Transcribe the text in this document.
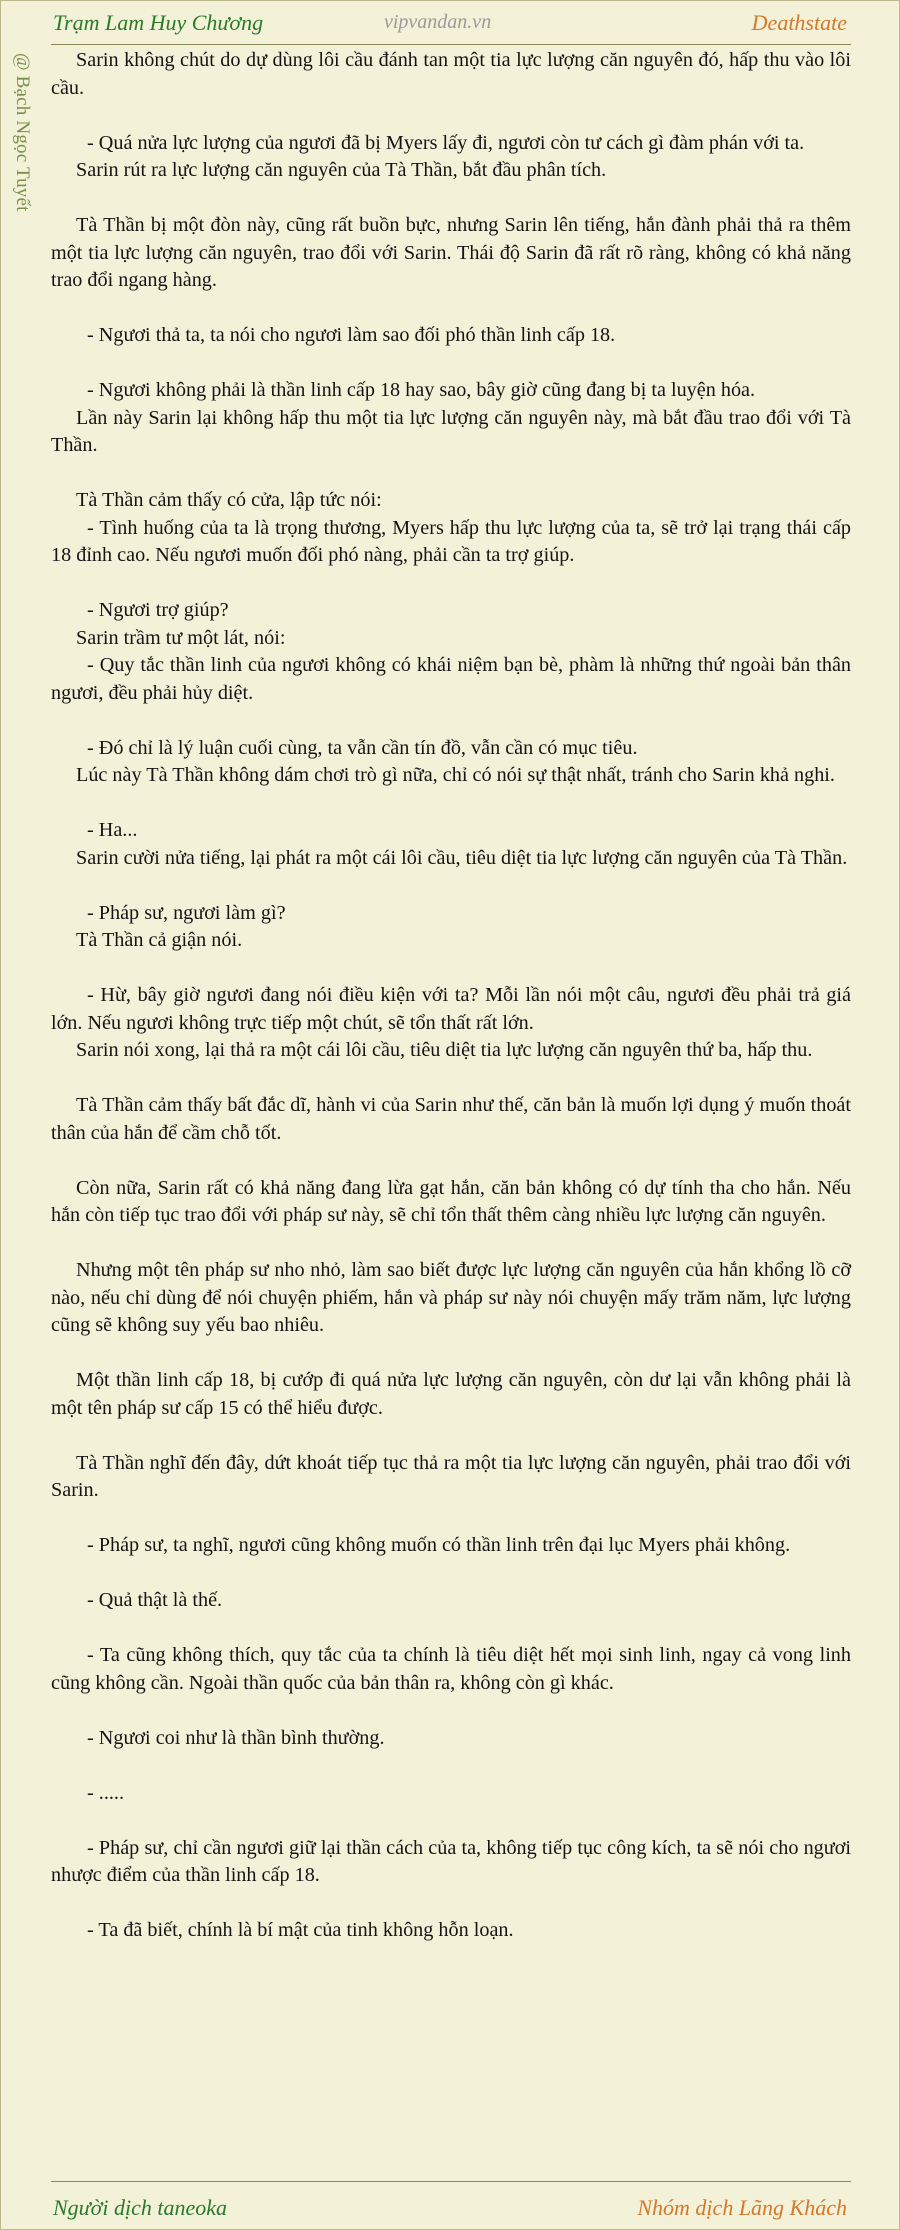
Trạm Lam Huy Chương	vipvandan.vn	Deathstate
@ Bạch Ngọc Tuyết	Sarin không chút do dự dùng lôi cầu đánh tan một tia lực lượng căn nguyên đó, hấp thu vào lôi cầu.

- Quá nửa lực lượng của ngươi đã bị Myers lấy đi, ngươi còn tư cách gì đàm phán với ta.

Sarin rút ra lực lượng căn nguyên của Tà Thần, bắt đầu phân tích.

Tà Thần bị một đòn này, cũng rất buồn bực, nhưng Sarin lên tiếng, hắn đành phải thả ra thêm một tia lực lượng căn nguyên, trao đổi với Sarin. Thái độ Sarin đã rất rõ ràng, không có khả năng trao đổi ngang hàng.

- Ngươi thả ta, ta nói cho ngươi làm sao đối phó thần linh cấp 18.

- Ngươi không phải là thần linh cấp 18 hay sao, bây giờ cũng đang bị ta luyện hóa.

Lần này Sarin lại không hấp thu một tia lực lượng căn nguyên này, mà bắt đầu trao đổi với Tà Thần.

Tà Thần cảm thấy có cửa, lập tức nói:

- Tình huống của ta là trọng thương, Myers hấp thu lực lượng của ta, sẽ trở lại trạng thái cấp 18 đỉnh cao. Nếu ngươi muốn đối phó nàng, phải cần ta trợ giúp.

- Ngươi trợ giúp?

Sarin trầm tư một lát, nói:

- Quy tắc thần linh của ngươi không có khái niệm bạn bè, phàm là những thứ ngoài bản thân ngươi, đều phải hủy diệt.

- Đó chỉ là lý luận cuối cùng, ta vẫn cần tín đồ, vẫn cần có mục tiêu.

Lúc này Tà Thần không dám chơi trò gì nữa, chỉ có nói sự thật nhất, tránh cho Sarin khả nghi.

- Ha...

Sarin cười nửa tiếng, lại phát ra một cái lôi cầu, tiêu diệt tia lực lượng căn nguyên của Tà Thần.

- Pháp sư, ngươi làm gì?

Tà Thần cả giận nói.

- Hừ, bây giờ ngươi đang nói điều kiện với ta? Mỗi lần nói một câu, ngươi đều phải trả giá lớn. Nếu ngươi không trực tiếp một chút, sẽ tổn thất rất lớn.

Sarin nói xong, lại thả ra một cái lôi cầu, tiêu diệt tia lực lượng căn nguyên thứ ba, hấp thu.

Tà Thần cảm thấy bất đắc dĩ, hành vi của Sarin như thế, căn bản là muốn lợi dụng ý muốn thoát thân của hắn để cầm chỗ tốt.

Còn nữa, Sarin rất có khả năng đang lừa gạt hắn, căn bản không có dự tính tha cho hắn. Nếu hắn còn tiếp tục trao đổi với pháp sư này, sẽ chỉ tổn thất thêm càng nhiều lực lượng căn nguyên.

Nhưng một tên pháp sư nho nhỏ, làm sao biết được lực lượng căn nguyên của hắn khổng lồ cỡ nào, nếu chỉ dùng để nói chuyện phiếm, hắn và pháp sư này nói chuyện mấy trăm năm, lực lượng cũng sẽ không suy yếu bao nhiêu.

Một thần linh cấp 18, bị cướp đi quá nửa lực lượng căn nguyên, còn dư lại vẫn không phải là một tên pháp sư cấp 15 có thể hiểu được.

Tà Thần nghĩ đến đây, dứt khoát tiếp tục thả ra một tia lực lượng căn nguyên, phải trao đổi với Sarin.

- Pháp sư, ta nghĩ, ngươi cũng không muốn có thần linh trên đại lục Myers phải không.

- Quả thật là thế.

- Ta cũng không thích, quy tắc của ta chính là tiêu diệt hết mọi sinh linh, ngay cả vong linh cũng không cần. Ngoài thần quốc của bản thân ra, không còn gì khác.

- Ngươi coi như là thần bình thường.

- .....

- Pháp sư, chỉ cần ngươi giữ lại thần cách của ta, không tiếp tục công kích, ta sẽ nói cho ngươi nhược điểm của thần linh cấp 18.

- Ta đã biết, chính là bí mật của tinh không hỗn loạn.

Người dịch taneoka	Nhóm dịch Lãng Khách
